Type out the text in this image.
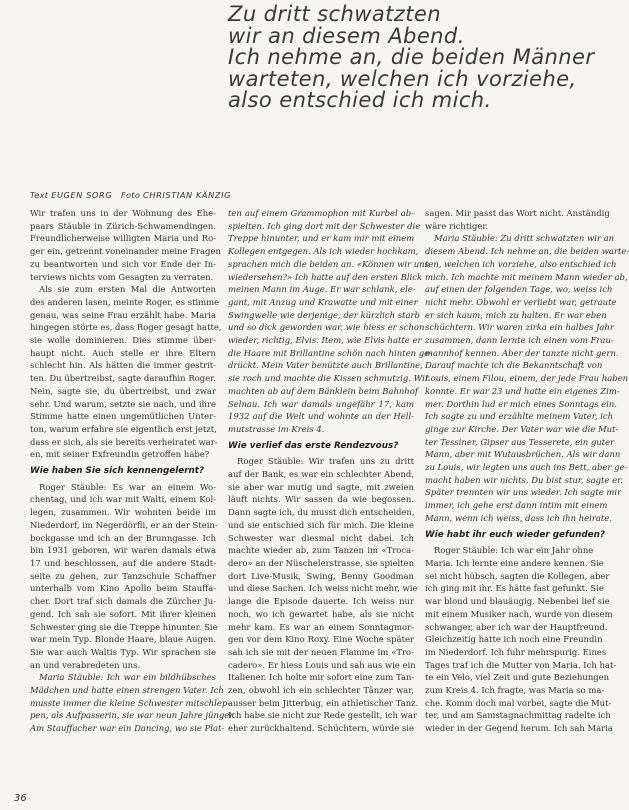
Zu dritt schwatzten
wir an diesem Abend.
Ich nehme an, die beiden Männer
warteten, welchen ich vorziehe,
also entschied ich mich.
Text EUGEN SORG Foto CHRISTIAN KÄNZIG
Wir trafen uns in der Wohnung des Ehe-
paars Stäuble in Zürich-Schwamendingen.
Freundlicherweise willigten Maria und Ro-
ger ein, getrennt voneinander meine Fragen
zu beantworten und sich vor Ende der In-
terviews nichts vom Gesagten zu verraten.
Als sie zum ersten Mal die Antworten
des anderen lasen, meinte Roger, es stimme
genau, was seine Frau erzählt habe. Maria
hingegen störte es, dass Roger gesagt hatte,
sie wolle dominieren. Dies stimme über-
haupt nicht. Auch stelle er ihre Eltern
schlecht hin. Als hätten die immer gestrit-
ten. Du übertreibst, sagte daraufhin Roger.
Nein, sagte sie, du übertreibst, und zwar
sehr. Und warum, setzte sie nach, und ihre
Stimme hatte einen ungemütlichen Unter-
ton, warum erfahre sie eigentlich erst jetzt,
dass er sich, als sie bereits verheiratet war-
en, mit seiner Exfreundin getroffen habe?
Wie haben Sie sich kennengelernt?
Roger Stäuble: Es war an einem Wo-
chentag, und ich war mit Walti, einem Kol-
legen, zusammen. Wir wohnten beide im
Niederdorf, im Negerdörfli, er an der Stein-
bockgasse und ich an der Brunngasse. Ich
bin 1931 geboren, wir waren damals etwa
17 und beschlossen, auf die andere Stadt-
seite zu gehen, zur Tanzschule Schaffner
unterhalb vom Kino Apollo beim Stauffa-
cher. Dort traf sich damals die Zürcher Ju-
gend. Ich sah sie sofort. Mit ihrer kleinen
Schwester ging sie die Treppe hinunter. Sie
war mein Typ. Blonde Haare, blaue Augen.
Sie war auch Waltis Typ. Wir sprachen sie
an und verabredeten uns.
Maria Stäuble: Ich war ein bildhübsches
Mädchen und hatte einen strengen Vater. Ich
musste immer die kleine Schwester mitschlep-
pen, als Aufpasserin, sie war neun Jahre jünger.
Am Stauffacher war ein Dancing, wo sie Plat-
ten auf einem Grammophon mit Kurbel ab-
spielten. Ich ging dort mit der Schwester die
Treppe hinunter, und er kam mir mit einem
Kollegen entgegen. Als ich wieder hochkam,
sprachen mich die beiden an. «Können wir uns
wiedersehen?» Ich hatte auf den ersten Blick
meinen Mann im Auge. Er war schlank, ele-
gant, mit Anzug und Krawatte und mit einer
Swingwelle wie derjenige, der kürzlich starb
und so dick geworden war, wie hiess er schon
wieder, richtig, Elvis. Item, wie Elvis hatte er
die Haare mit Brillantine schön nach hinten ge-
drückt. Mein Vater benützte auch Brillantine,
sie roch und machte die Kissen schmutzig. Wir
machten ab auf dem Bänklein beim Bahnhof
Selnau. Ich war damals ungefähr 17, kam
1932 auf die Welt und wohnte an der Hell-
mutstrasse im Kreis 4.
Wie verlief das erste Rendezvous?
Roger Stäuble: Wir trafen uns zu dritt
auf der Bank, es war ein schlechter Abend,
sie aber war mutig und sagte, mit zweien
läuft nichts. Wir sassen da wie begossen.
Dann sagte ich, du musst dich entscheiden,
und sie entschied sich für mich. Die kleine
Schwester war diesmal nicht dabei. Ich
machte wieder ab, zum Tanzen im «Troca-
dero» an der Nüschelerstrasse, sie spielten
dort Live-Musik, Swing, Benny Goodman
und diese Sachen. Ich weiss nicht mehr, wie
lange die Episode dauerte. Ich weiss nur
noch, wo ich gewartet habe, als sie nicht
mehr kam. Es war an einem Sonntagmor-
gen vor dem Kino Roxy. Eine Woche später
sah ich sie mit der neuen Flamme im «Tro-
cadero». Er hiess Louis und sah aus wie ein
Italiener. Ich holte mir sofort eine zum Tan-
zen, obwohl ich ein schlechter Tänzer war,
ausser beim Jitterbug, ein athletischer Tanz.
Ich habe sie nicht zur Rede gestellt, ich war
eher zurückhaltend. Schüchtern, würde sie
sagen. Mir passt das Wort nicht. Anständig
wäre richtiger.
Maria Stäuble: Zu dritt schwatzten wir an
diesem Abend. Ich nehme an, die beiden warte-
ten, welchen ich vorziehe, also entschied ich
mich. Ich machte mit meinem Mann wieder ab,
auf einen der folgenden Tage, wo, weiss ich
nicht mehr. Obwohl er verliebt war, getraute
er sich kaum, mich zu halten. Er war eben
schüchtern. Wir waren zirka ein halbes Jahr
zusammen, dann lernte ich einen vom Frau-
mannhof kennen. Aber der tanzte nicht gern.
Darauf machte ich die Bekanntschaft von
Louis, einem Filou, einem, der jede Frau haben
konnte. Er war 23 und hatte ein eigenes Zim-
mer. Dorthin lud er mich eines Sonntags ein.
Ich sagte zu und erzählte meinem Vater, ich
ginge zur Kirche. Der Vater war wie die Mut-
ter Tessiner, Gipser aus Tesserete, ein guter
Mann, aber mit Wutausbrüchen. Als wir dann
zu Louis, wir legten uns auch ins Bett, aber ge-
macht haben wir nichts. Du bist stur, sagte er.
Später trennten wir uns wieder. Ich sagte mir
immer, ich gehe erst dann intim mit einem
Mann, wenn ich weiss, dass ich ihn heirate.
Wie habt ihr euch wieder gefunden?
Roger Stäuble: Ich war ein Jahr ohne
Maria. Ich lernte eine andere kennen. Sie
sei nicht hübsch, sagten die Kollegen, aber
ich ging mit ihr. Es hätte fast gefunkt. Sie
war blond und blauäugig. Nebenbei lief sie
mit einem Musiker nach, wurde von diesem
schwanger, aber ich war der Hauptfreund.
Gleichzeitig hatte ich noch eine Freundin
im Niederdorf. Ich fuhr mehrspurig. Eines
Tages traf ich die Mutter von Maria. Ich hat-
te ein Velo, viel Zeit und gute Beziehungen
zum Kreis 4. Ich fragte, was Maria so ma-
che. Komm doch mal vorbei, sagte die Mut-
ter, und am Samstagnachmittag radelte ich
wieder in der Gegend herum. Ich sah Maria
36
